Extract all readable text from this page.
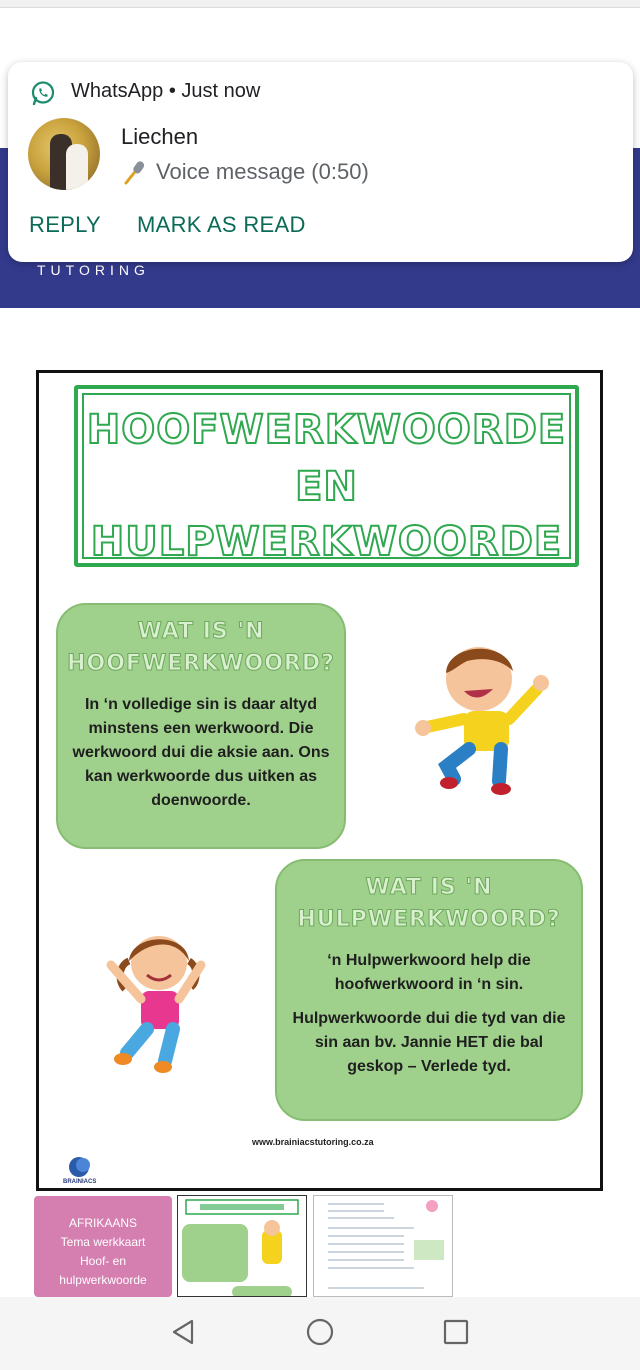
TUTORING
WhatsApp • Just now
Liechen
Voice message (0:50)
REPLY MARK AS READ
HOOFWERKWOORDE
EN
HULPWERKWOORDE
WAT IS 'N
HOOFWERKWOORD?
In ‘n volledige sin is daar altyd minstens een werkwoord. Die werkwoord dui die aksie aan. Ons kan werkwoorde dus uitken as doenwoorde.
WAT IS 'N
HULPWERKWOORD?
‘n Hulpwerkwoord help die hoofwerkwoord in ‘n sin.
Hulpwerkwoorde dui die tyd van die sin aan bv. Jannie HET die bal geskop – Verlede tyd.
www.brainiacstutoring.co.za
BRAINIACS
AFRIKAANS
Tema werkkaart
Hoof- en
hulpwerkwoorde
